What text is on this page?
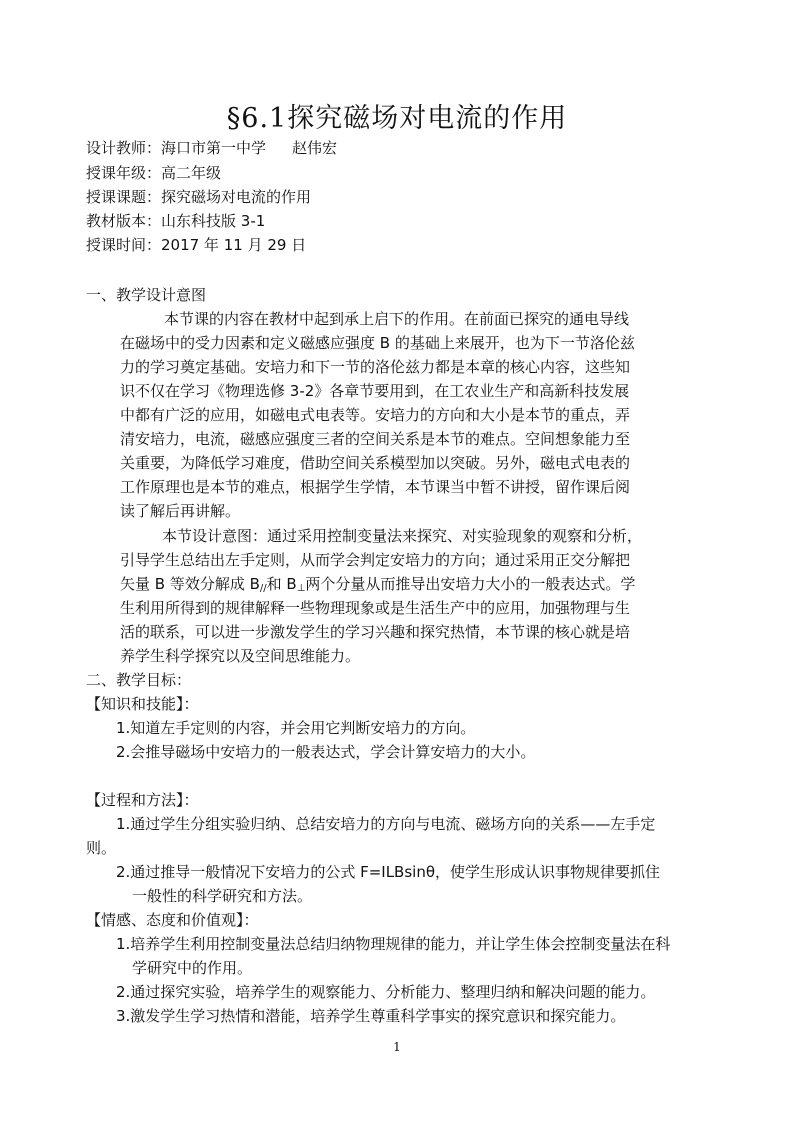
§6.1探究磁场对电流的作用
设计教师：海口市第一中学 赵伟宏
授课年级：高二年级
授课课题：探究磁场对电流的作用
教材版本：山东科技版 3-1
授课时间：2017 年 11 月 29 日
一、教学设计意图
本节课的内容在教材中起到承上启下的作用。在前面已探究的通电导线
在磁场中的受力因素和定义磁感应强度 B 的基础上来展开，也为下一节洛伦兹
力的学习奠定基础。安培力和下一节的洛伦兹力都是本章的核心内容，这些知
识不仅在学习《物理选修 3-2》各章节要用到，在工农业生产和高新科技发展
中都有广泛的应用，如磁电式电表等。安培力的方向和大小是本节的重点，弄
清安培力，电流，磁感应强度三者的空间关系是本节的难点。空间想象能力至
关重要，为降低学习难度，借助空间关系模型加以突破。另外，磁电式电表的
工作原理也是本节的难点，根据学生学情，本节课当中暂不讲授，留作课后阅
读了解后再讲解。
本节设计意图：通过采用控制变量法来探究、对实验现象的观察和分析，
引导学生总结出左手定则，从而学会判定安培力的方向；通过采用正交分解把
矢量 B 等效分解成 $B_{//}$和 $B_\perp$两个分量从而推导出安培力大小的一般表达式。学
生利用所得到的规律解释一些物理现象或是生活生产中的应用，加强物理与生
活的联系，可以进一步激发学生的学习兴趣和探究热情，本节课的核心就是培
养学生科学探究以及空间思维能力。
二、教学目标：
【知识和技能】：
1.知道左手定则的内容，并会用它判断安培力的方向。
2.会推导磁场中安培力的一般表达式，学会计算安培力的大小。
【过程和方法】：
1.通过学生分组实验归纳、总结安培力的方向与电流、磁场方向的关系——左手定
则。
2.通过推导一般情况下安培力的公式 F=ILBsinθ，使学生形成认识事物规律要抓住
一般性的科学研究和方法。
【情感、态度和价值观】：
1.培养学生利用控制变量法总结归纳物理规律的能力，并让学生体会控制变量法在科
学研究中的作用。
2.通过探究实验，培养学生的观察能力、分析能力、整理归纳和解决问题的能力。
3.激发学生学习热情和潜能，培养学生尊重科学事实的探究意识和探究能力。
1
